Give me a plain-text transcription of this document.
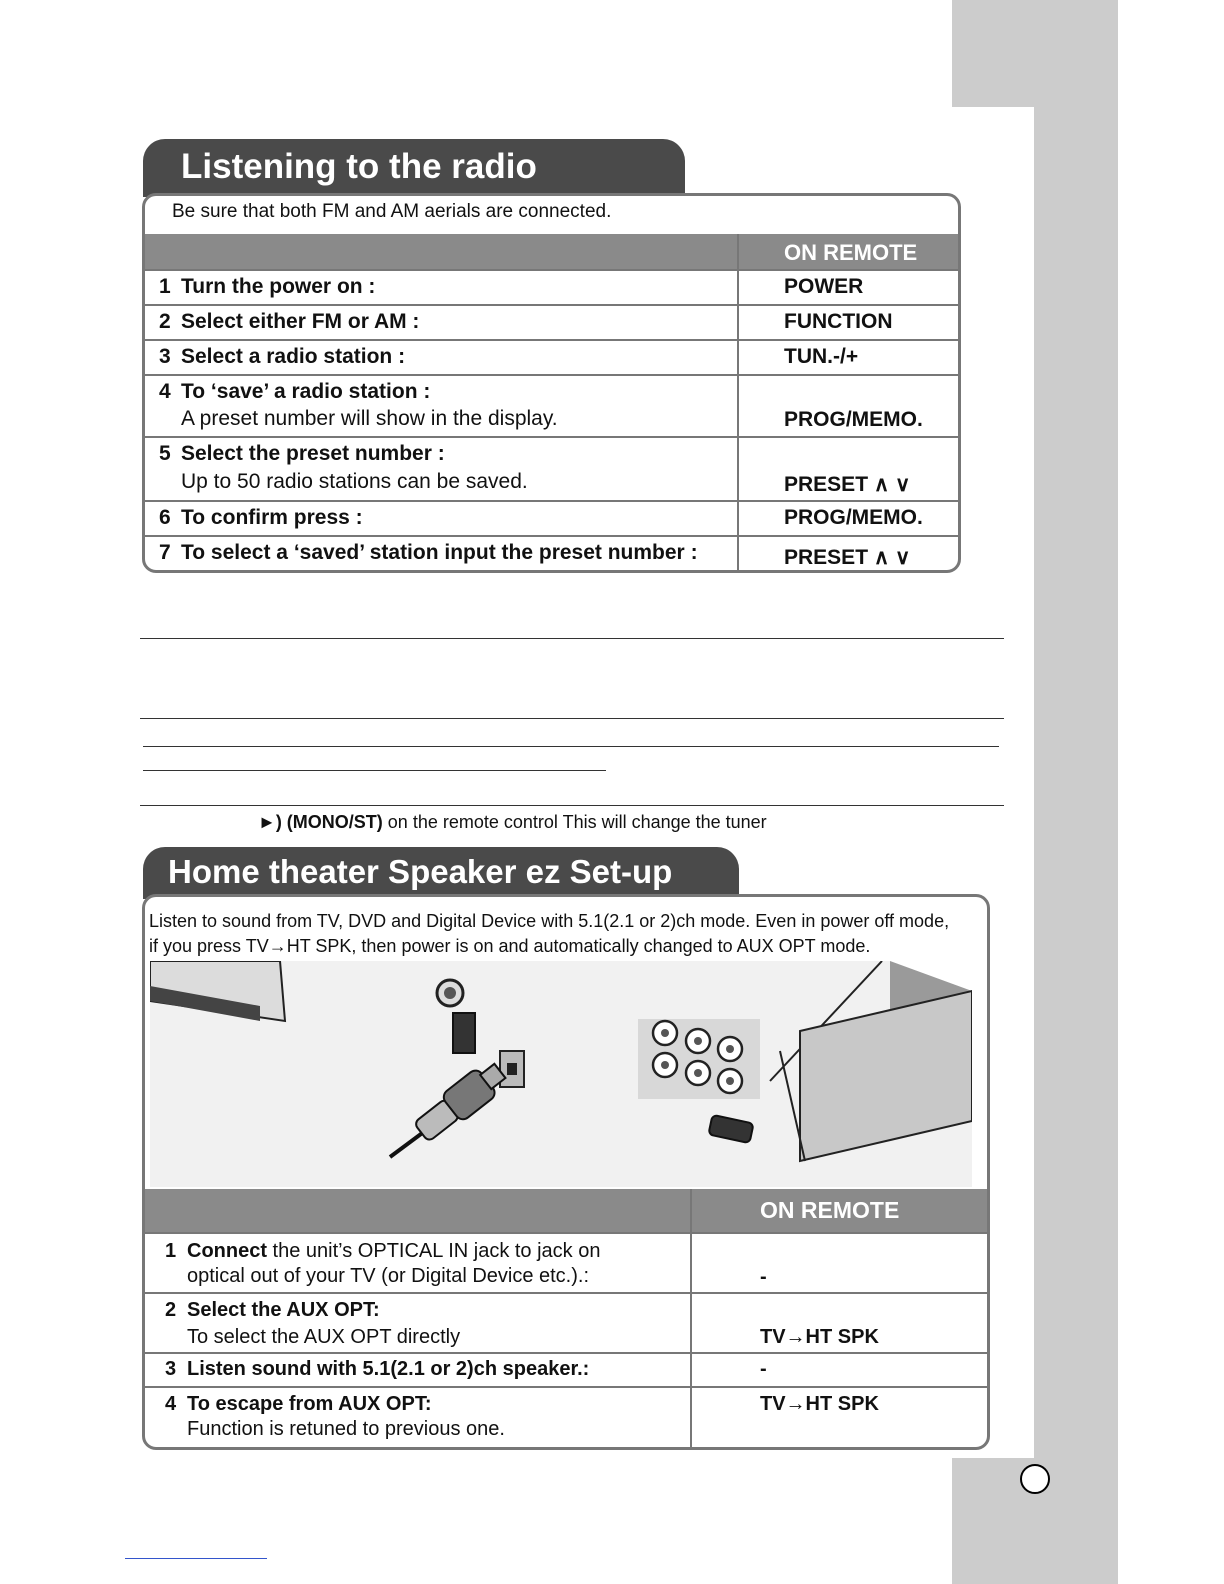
Listening to the radio
Be sure that both FM and AM aerials are connected.
	ON REMOTE
1 Turn the power on :	POWER
2 Select either FM or AM :	FUNCTION
3 Select a radio station :	TUN.-/+
4 To ‘save’ a radio station :
A preset number will show in the display.	PROG/MEMO.
5 Select the preset number :
Up to 50 radio stations can be saved.	PRESET ∧ ∨
6 To confirm press :	PROG/MEMO.
7 To select a ‘saved’ station input the preset number :	PRESET ∧ ∨
►) (MONO/ST) on the remote control This will change the tuner
Home theater Speaker ez Set-up
Listen to sound from TV, DVD and Digital Device with 5.1(2.1 or 2)ch mode. Even in power off mode,
if you press TV→HT SPK, then power is on and automatically changed to AUX OPT mode.
	ON REMOTE
1 Connect the unit’s OPTICAL IN jack to jack on
optical out of your TV (or Digital Device etc.).:	-
2 Select the AUX OPT:
To select the AUX OPT directly	TV→HT SPK
3 Listen sound with 5.1(2.1 or 2)ch speaker.:	-
4 To escape from AUX OPT:
Function is retuned to previous one.	TV→HT SPK
